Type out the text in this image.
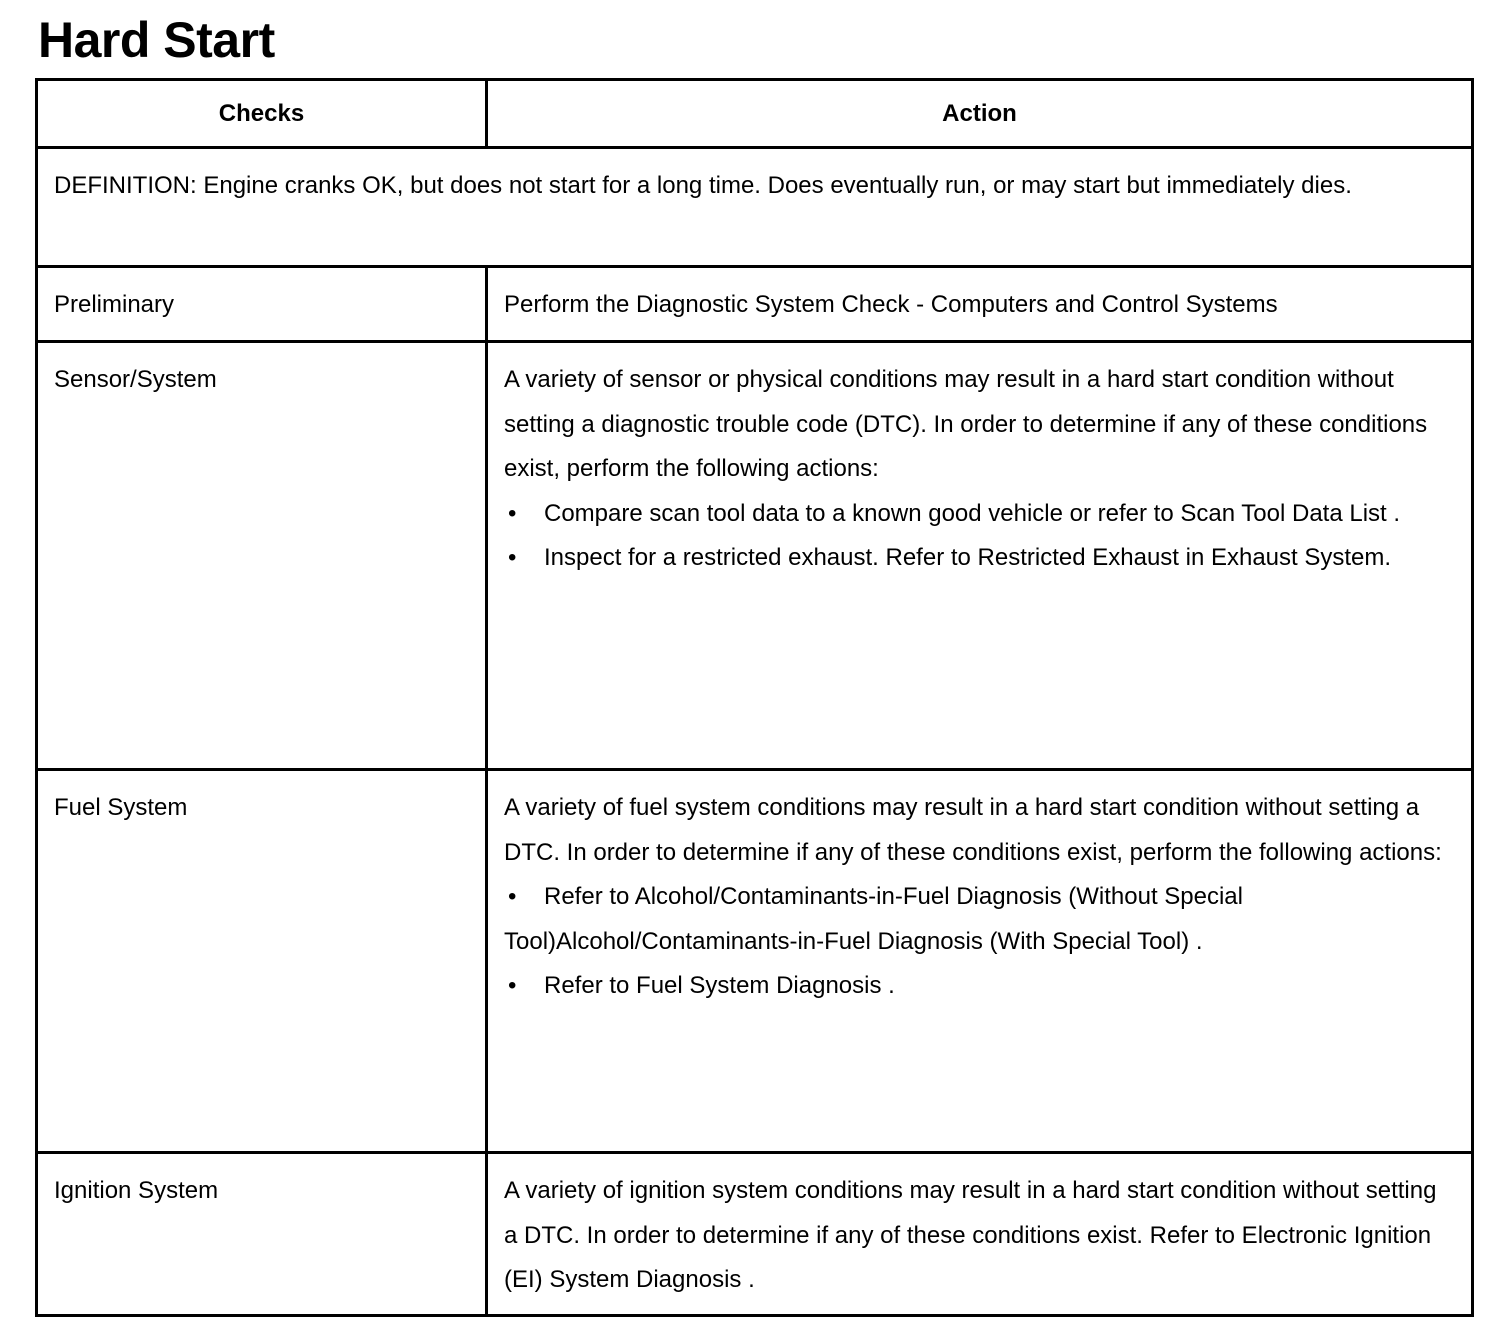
Hard Start
Checks	Action

DEFINITION: Engine cranks OK, but does not start for a long time. Does eventually run, or may start but immediately dies.	

Preliminary	Perform the Diagnostic System Check - Computers and Control Systems

Sensor/System	A variety of sensor or physical conditions may result in a hard start condition without setting a diagnostic trouble code (DTC). In order to determine if any of these conditions exist, perform the following actions:

• Compare scan tool data to a known good vehicle or refer to Scan Tool Data List .

• Inspect for a restricted exhaust. Refer to Restricted Exhaust in Exhaust System.

Fuel System	A variety of fuel system conditions may result in a hard start condition without setting a DTC. In order to determine if any of these conditions exist, perform the following actions:

• Refer to Alcohol/Contaminants-in-Fuel Diagnosis (Without Special Tool)Alcohol/Contaminants-in-Fuel Diagnosis (With Special Tool) .

• Refer to Fuel System Diagnosis .

Ignition System	A variety of ignition system conditions may result in a hard start condition without setting a DTC. In order to determine if any of these conditions exist. Refer to Electronic Ignition (EI) System Diagnosis .
